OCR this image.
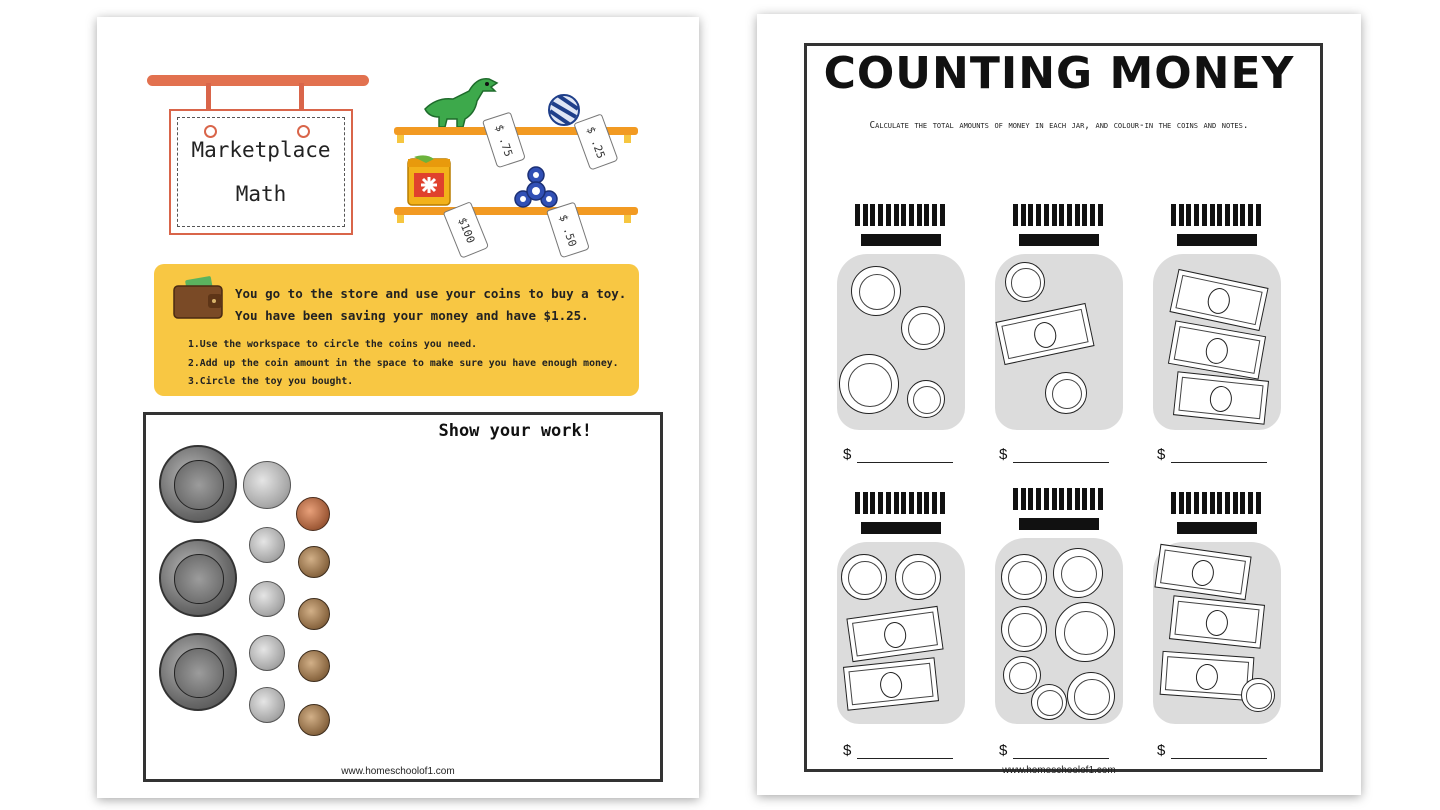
Marketplace
Math
$ .75	$ .25
$100	$ .50
You go to the store and use your coins to buy a toy.
You have been saving your money and have $1.25.
1.Use the workspace to circle the coins you need.
2.Add up the coin amount in the space to make sure you have enough money.
3.Circle the toy you bought.
Show your work!
www.homeschoolof1.com
COUNTING MONEY
Calculate the total amounts of money in each jar, and colour-in the coins and notes.
$	$	$
$	$	$
www.homeschoolof1.com
